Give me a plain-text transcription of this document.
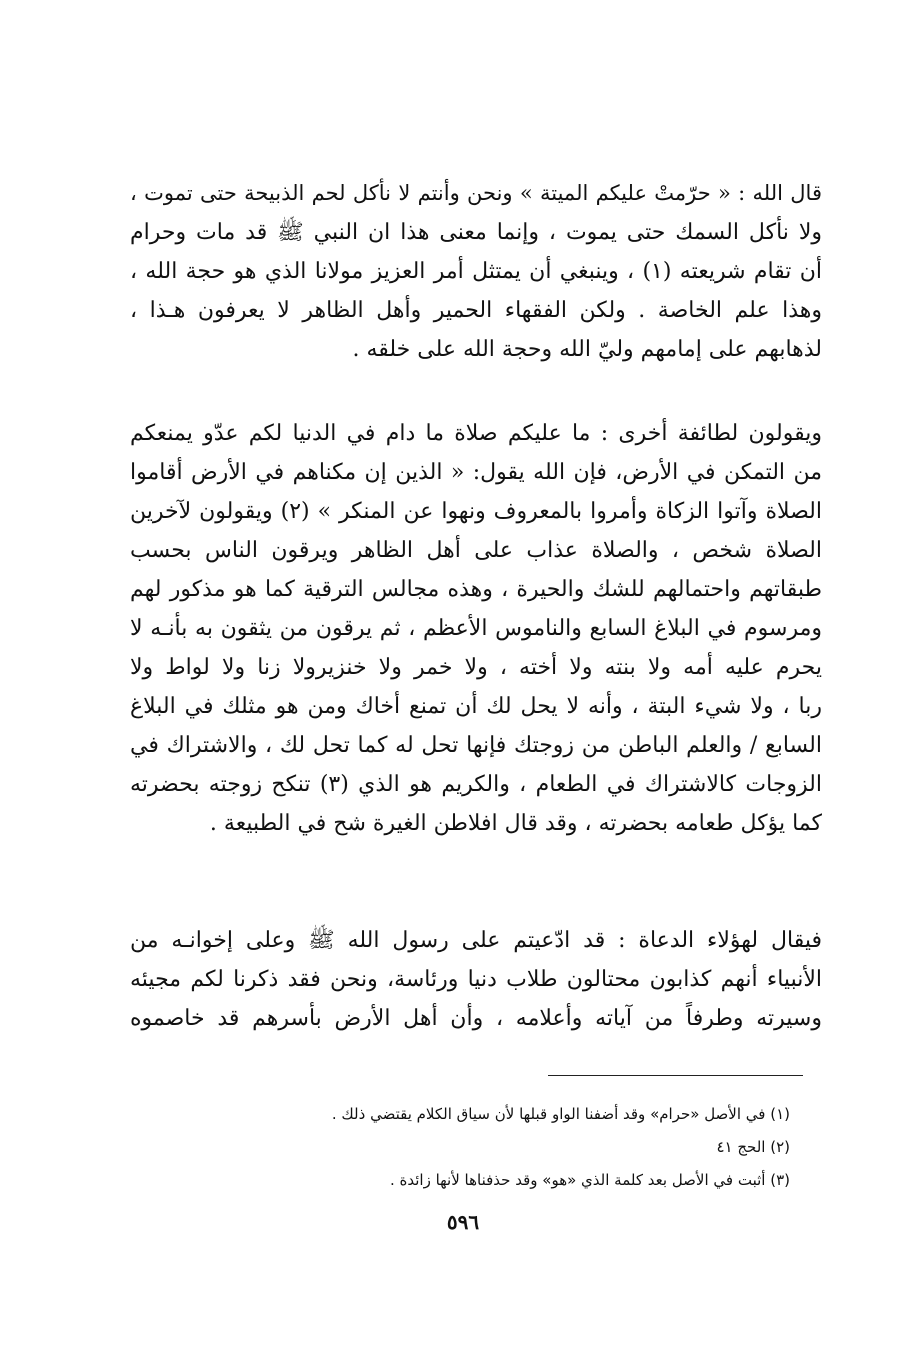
قال الله : « حرّمتْ عليكم الميتة » ونحن وأنتم لا نأكل لحم الذبيحة حتى تموت ،
ولا نأكل السمك حتى يموت ، وإنما معنى هذا ان النبي ﷺ قد مات وحرام
أن تقام شريعته (١) ، وينبغي أن يمتثل أمر العزيز مولانا الذي هو حجة الله ،
وهذا علم الخاصة . ولكن الفقهاء الحمير وأهل الظاهر لا يعرفون هـذا ،
لذهابهم على إمامهم وليّ الله وحجة الله على خلقه .
ويقولون لطائفة أخرى : ما عليكم صلاة ما دام في الدنيا لكم عدّو يمنعكم
من التمكن في الأرض، فإن الله يقول: « الذين إن مكناهم في الأرض أقاموا
الصلاة وآتوا الزكاة وأمروا بالمعروف ونهوا عن المنكر » (٢) ويقولون لآخرين
الصلاة شخص ، والصلاة عذاب على أهل الظاهر ويرقون الناس بحسب
طبقاتهم واحتمالهم للشك والحيرة ، وهذه مجالس الترقية كما هو مذكور لهم
ومرسوم في البلاغ السابع والناموس الأعظم ، ثم يرقون من يثقون به بأنـه لا
يحرم عليه أمه ولا بنته ولا أخته ، ولا خمر ولا خنزيرولا زنا ولا لواط ولا
ربا ، ولا شيء البتة ، وأنه لا يحل لك أن تمنع أخاك ومن هو مثلك في البلاغ
السابع / والعلم الباطن من زوجتك فإنها تحل له كما تحل لك ، والاشتراك في
الزوجات كالاشتراك في الطعام ، والكريم هو الذي (٣) تنكح زوجته بحضرته
كما يؤكل طعامه بحضرته ، وقد قال افلاطن الغيرة شح في الطبيعة .
فيقال لهؤلاء الدعاة : قد ادّعيتم على رسول الله ﷺ وعلى إخوانـه من
الأنبياء أنهم كذابون محتالون طلاب دنيا ورئاسة، ونحن فقد ذكرنا لكم مجيئه
وسيرته وطرفاً من آياته وأعلامه ، وأن أهل الأرض بأسرهم قد خاصموه
(١) في الأصل «حرام» وقد أضفنا الواو قبلها لأن سياق الكلام يقتضي ذلك .
(٢) الحج ٤١
(٣) أثبت في الأصل بعد كلمة الذي «هو» وقد حذفناها لأنها زائدة .
٥٩٦
